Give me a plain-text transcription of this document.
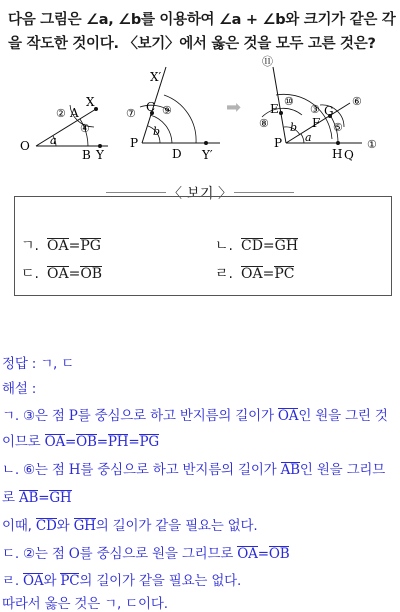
다음 그림은 ∠a, ∠b를 이용하여 ∠a + ∠b와 크기가 같은 각
을 작도한 것이다. 〈보기〉에서 옳은 것을 모두 고른 것은?
O
B Y
A
X
②
④
a	P
D Y′
C
X′
⑦ ⑨
b
➡
P
H Q
E
F
G
①
③
⑤
⑥
⑧
⑩
⑪
a
b
〈 보기 〉
ㄱ. OA=PG	ㄴ. CD=GH
ㄷ. OA=OB	ㄹ. OA=PC
정답 : ㄱ, ㄷ
해설 :
ㄱ. ③은 점 P를 중심으로 하고 반지름의 길이가 OA인 원을 그린 것
이므로 OA=OB=PH=PG
ㄴ. ⑥는 점 H를 중심으로 하고 반지름의 길이가 AB인 원을 그리므
로 AB=GH
이때, CD와 GH의 길이가 같을 필요는 없다.
ㄷ. ②는 점 O를 중심으로 원을 그리므로 OA=OB
ㄹ. OA와 PC의 길이가 같을 필요는 없다.
따라서 옳은 것은 ㄱ, ㄷ이다.
